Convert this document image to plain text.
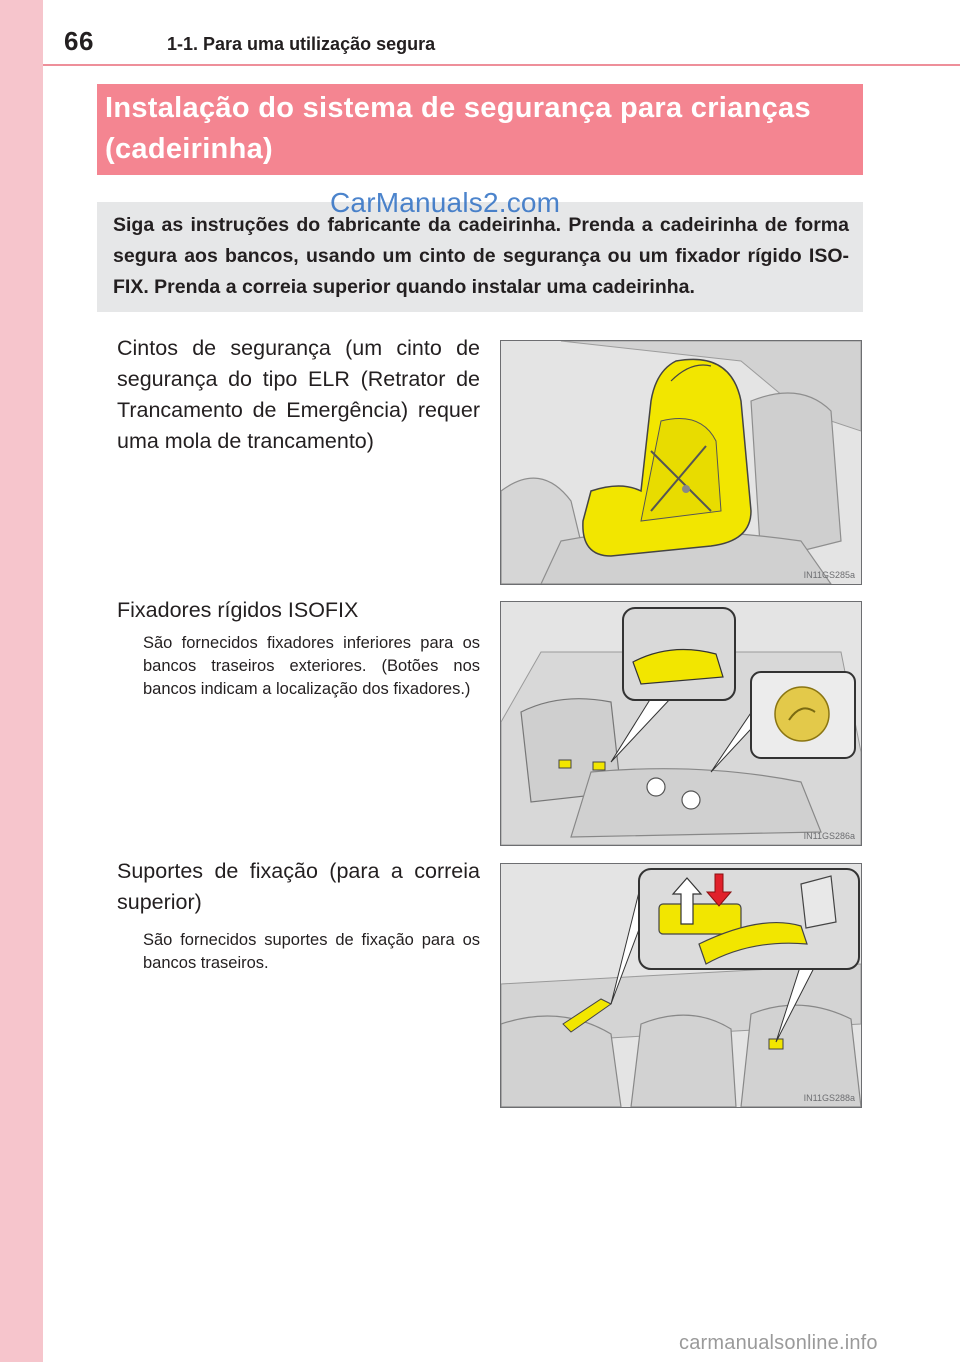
66	1-1. Para uma utilização segura

Instalação do sistema de segurança para crianças

(cadeirinha)

Siga as instruções do fabricante da cadeirinha. Prenda a cadeirinha de forma segura aos bancos, usando um cinto de segurança ou um fixador rígido ISO-FIX. Prenda a correia superior quando instalar uma cadeirinha.

CarManuals2.com

Cintos de segurança (um cinto de segurança do tipo ELR (Retrator de Trancamento de Emergência) requer uma mola de trancamento)

IN11GS285a

Fixadores rígidos ISOFIX

São fornecidos fixadores inferiores para os bancos traseiros exteriores. (Botões nos bancos indicam a localização dos fixadores.)

IN11GS286a

Suportes de fixação (para a correia superior)

São fornecidos suportes de fixação para os bancos traseiros.

IN11GS288a
carmanualsonline.info
